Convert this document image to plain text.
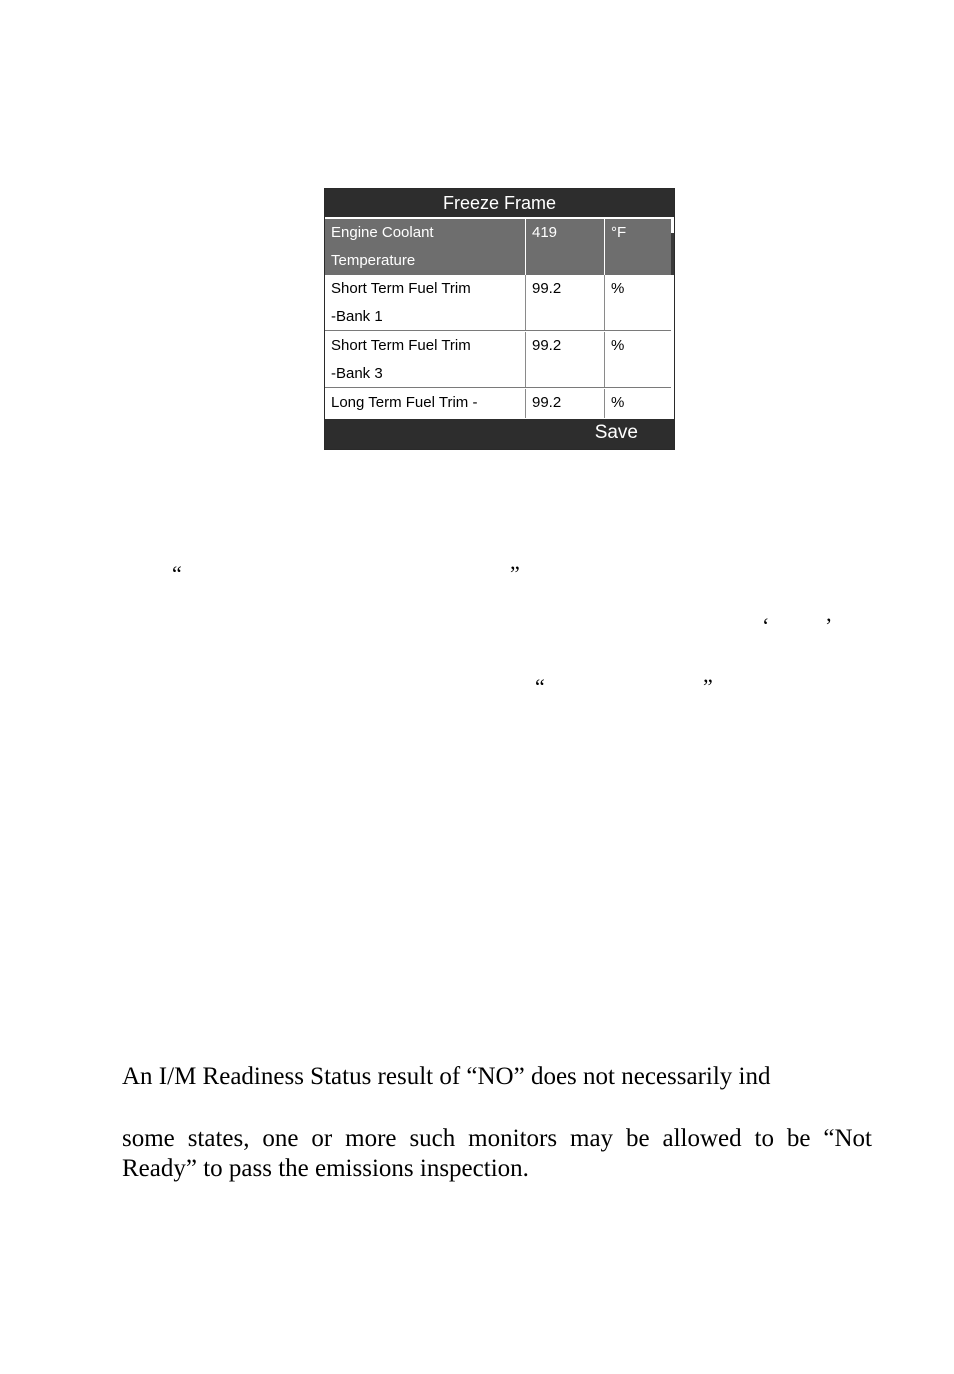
Freeze Frame
Engine Coolant
Temperature
419	°F
Short Term Fuel Trim
-Bank 1
99.2	%
Short Term Fuel Trim
-Bank 3
99.2	%
Long Term Fuel Trim -	99.2	%
Save
“	”
‘	’
“	”
An I/M Readiness Status result of “NO” does not necessarily ind
some states, one or more such monitors may be allowed to be “Not Ready” to pass the emissions inspection.
